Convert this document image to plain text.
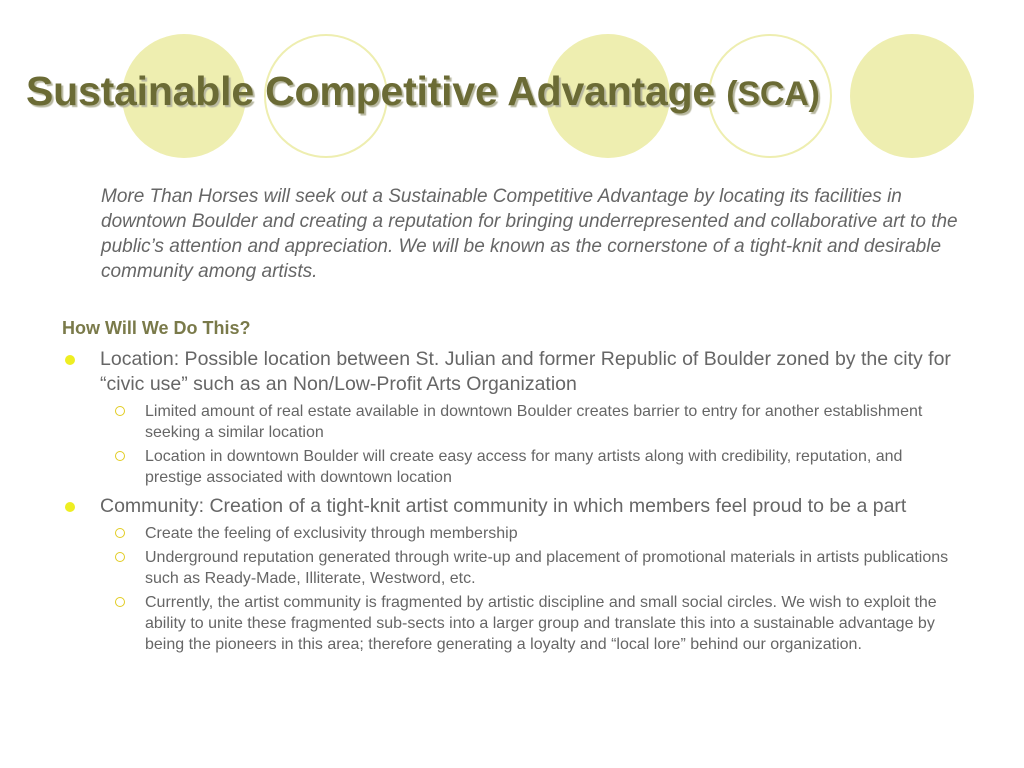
Sustainable Competitive Advantage (SCA)

More Than Horses will seek out a Sustainable Competitive Advantage by locating its facilities in downtown Boulder and creating a reputation for bringing underrepresented and collaborative art to the public’s attention and appreciation. We will be known as the cornerstone of a tight-knit and desirable community among artists.

How Will We Do This?

Location: Possible location between St. Julian and former Republic of Boulder zoned by the city for “civic use” such as an Non/Low-Profit Arts Organization
Limited amount of real estate available in downtown Boulder creates barrier to entry for another establishment seeking a similar location
Location in downtown Boulder will create easy access for many artists along with credibility, reputation, and prestige associated with downtown location
Community: Creation of a tight-knit artist community in which members feel proud to be a part
Create the feeling of exclusivity through membership
Underground reputation generated through write-up and placement of promotional materials in artists publications such as Ready-Made, Illiterate, Westword, etc.
Currently, the artist community is fragmented by artistic discipline and small social circles. We wish to exploit the ability to unite these fragmented sub-sects into a larger group and translate this into a sustainable advantage by being the pioneers in this area; therefore generating a loyalty and “local lore” behind our organization.
